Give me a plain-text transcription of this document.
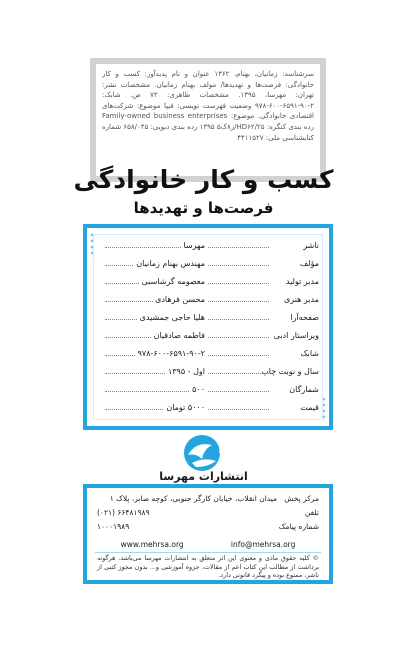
سرشناسه: زمانیان، بهنام، ۱۳۶۲ عنوان و نام پدیدآور: کسب و کار خانوادگی: فرصت‌ها و تهدیدها/ مولف بهنام زمانیان. مشخصات نشر: تهران: مهرسا، ۱۳۹۵. مشخصات ظاهری: ۷۲ ص. شابک: ۲-۹۰-۶۵۹۱-۶۰۰-۹۷۸ وضعیت فهرست نویسی: فیپا موضوع: شرکت‌های اقتصادی خانوادگی. موضوع: Family-owned business enterprises رده بندی کنگره: HD۶۲/۲۵/ز۸ک۵ ۱۳۹۵ رده بندی دیویی: ۶۵۸/۰۴۵ شماره کتابشناسی ملی: ۴۴۱۱۵۲۷

کسب و کار خانوادگی
فرصت‌ها و تهدیدها
ناشر
مهرسا
مؤلف
مهندس بهنام زمانیان
مدیر تولید
معصومه گرشاسبی
مدیر هنری
محسن فرهادی
صفحه‌آرا
هلیا حاجی جمشیدی
ویراستار ادبی
فاطمه صادقیان
شابک
۹۷۸-۶۰۰-۶۵۹۱-۹۰-۲
سال و نوبت چاپ
اول - ۱۳۹۵
شمارگان
۵۰۰
قیمت
۵۰۰۰ تومان
انتشارات مهرسا
مرکز پخش
میدان انقلاب، خیابان کارگر جنوبی، کوچه صابر، پلاک ۱
تلفن
(۰۲۱) ۶۶۴۸۱۹۸۹
شماره پیامک
۱۰۰۰۱۹۸۹
www.mehrsa.org	info@mehrsa.org

© کلیه حقوق مادی و معنوی این اثر متعلق به انتشارات مهرسا می‌باشد. هرگونه برداشت از مطالب این کتاب اعم از مقالات، جزوه آموزشی و... بدون مجوز کتبی از ناشر، ممنوع بوده و پیگرد قانونی دارد.
